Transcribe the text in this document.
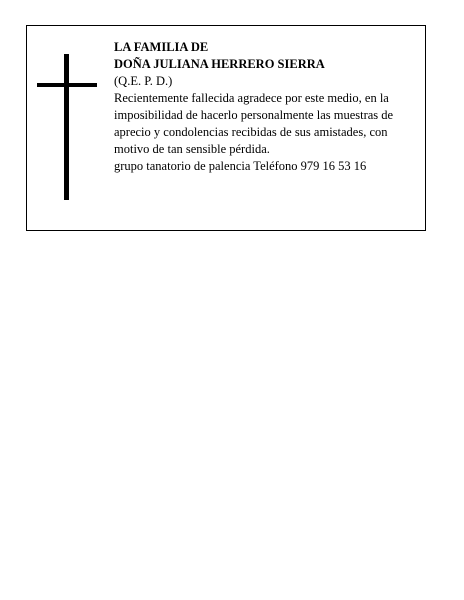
LA FAMILIA DE
DOÑA JULIANA HERRERO SIERRA
(Q.E. P. D.)
Recientemente fallecida agradece por este medio, en la imposibilidad de hacerlo personalmente las muestras de aprecio y condolencias recibidas de sus amistades, con motivo de tan sensible pérdida.
grupo tanatorio de palencia Teléfono 979 16 53 16
